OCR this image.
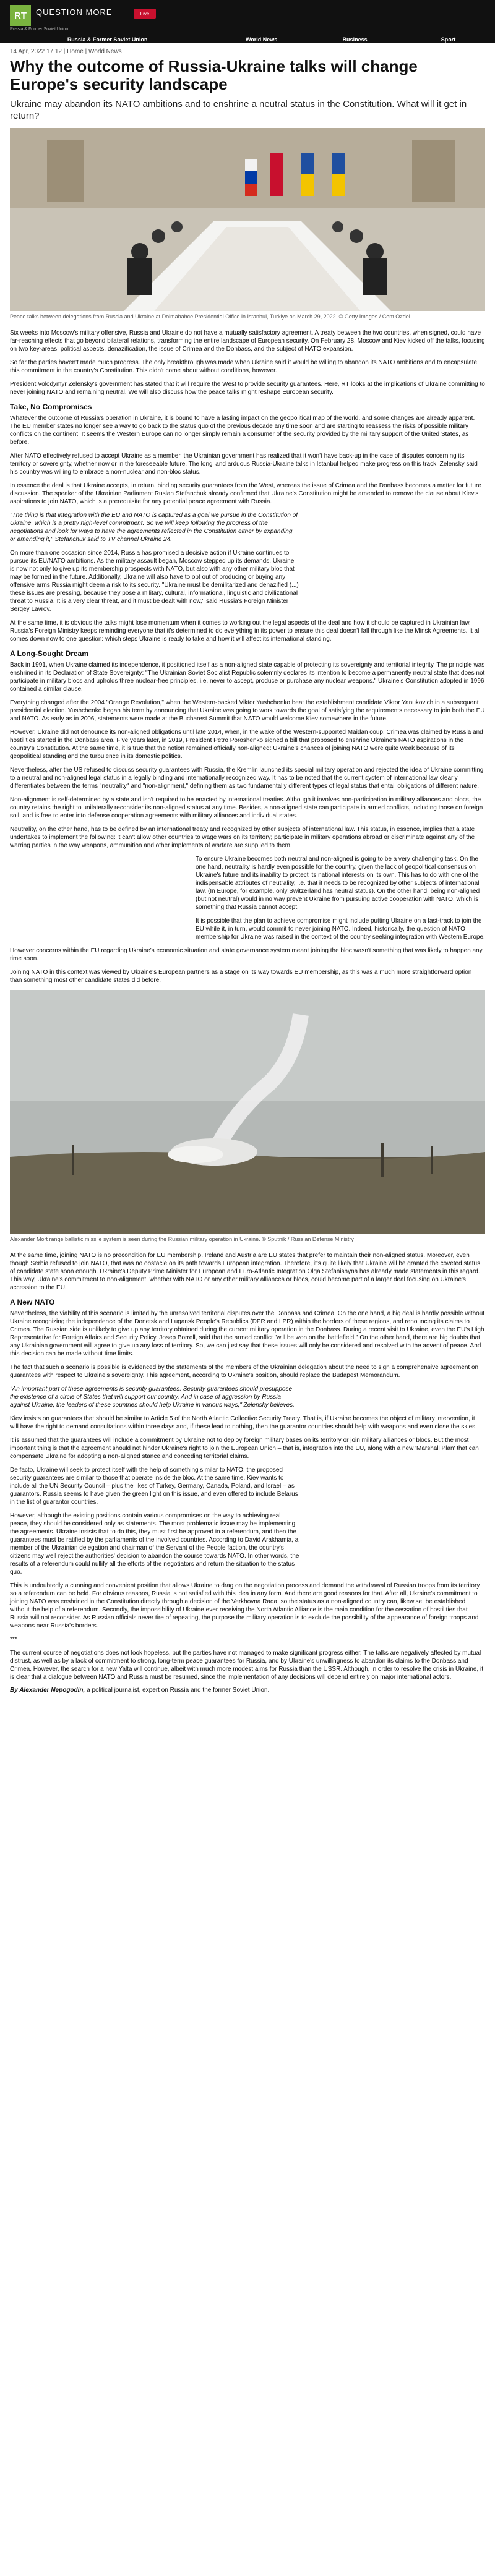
RT	QUESTION MORE	Live
Russia & Former Soviet Union
Russia & Former Soviet Union	World News	Business	Sport
14 Apr, 2022 17:12 | Home | World News
Why the outcome of Russia-Ukraine talks will change Europe's security landscape
Ukraine may abandon its NATO ambitions and to enshrine a neutral status in the Constitution. What will it get in return?
Peace talks between delegations from Russia and Ukraine at Dolmabahce Presidential Office in Istanbul, Turkiye on March 29, 2022. © Getty Images / Cem Ozdel

Six weeks into Moscow's military offensive, Russia and Ukraine do not have a mutually satisfactory agreement. A treaty between the two countries, when signed, could have far-reaching effects that go beyond bilateral relations, transforming the entire landscape of European security. On February 28, Moscow and Kiev kicked off the talks, focusing on two key-areas: political aspects, denazification, the issue of Crimea and the Donbass, and the subject of NATO expansion.

So far the parties haven't made much progress. The only breakthrough was made when Ukraine said it would be willing to abandon its NATO ambitions and to encapsulate this commitment in the country's Constitution. This didn't come about without conditions, however.

President Volodymyr Zelensky's government has stated that it will require the West to provide security guarantees. Here, RT looks at the implications of Ukraine committing to never joining NATO and remaining neutral. We will also discuss how the peace talks might reshape European security.

Take, No Compromises

Whatever the outcome of Russia's operation in Ukraine, it is bound to have a lasting impact on the geopolitical map of the world, and some changes are already apparent. The EU member states no longer see a way to go back to the status quo of the previous decade any time soon and are starting to reassess the risks of possible military conflicts on the continent. It seems the Western Europe can no longer simply remain a consumer of the security provided by the military support of the United States, as before.

After NATO effectively refused to accept Ukraine as a member, the Ukrainian government has realized that it won't have back-up in the case of disputes concerning its territory or sovereignty, whether now or in the foreseeable future. The long' and arduous Russia-Ukraine talks in Istanbul helped make progress on this track: Zelensky said his country was willing to embrace a non-nuclear and non-bloc status.

In essence the deal is that Ukraine accepts, in return, binding security guarantees from the West, whereas the issue of Crimea and the Donbass becomes a matter for future discussion. The speaker of the Ukrainian Parliament Ruslan Stefanchuk already confirmed that Ukraine's Constitution might be amended to remove the clause about Kiev's aspirations to join NATO, which is a prerequisite for any potential peace agreement with Russia.

"The thing is that integration with the EU and NATO is captured as a goal we pursue in the Constitution of Ukraine, which is a pretty high-level commitment. So we will keep following the progress of the negotiations and look for ways to have the agreements reflected in the Constitution either by expanding or amending it," Stefanchuk said to TV channel Ukraine 24.

On more than one occasion since 2014, Russia has promised a decisive action if Ukraine continues to pursue its EU/NATO ambitions. As the military assault began, Moscow stepped up its demands. Ukraine is now not only to give up its membership prospects with NATO, but also with any other military bloc that may be formed in the future. Additionally, Ukraine will also have to opt out of producing or buying any offensive arms Russia might deem a risk to its security. "Ukraine must be demilitarized and denazified (...) these issues are pressing, because they pose a military, cultural, informational, linguistic and civilizational threat to Russia. It is a very clear threat, and it must be dealt with now," said Russia's Foreign Minister Sergey Lavrov.

At the same time, it is obvious the talks might lose momentum when it comes to working out the legal aspects of the deal and how it should be captured in Ukrainian law. Russia's Foreign Ministry keeps reminding everyone that it's determined to do everything in its power to ensure this deal doesn't fall through like the Minsk Agreements. It all comes down now to one question: which steps Ukraine is ready to take and how it will affect its international standing.

A Long-Sought Dream

Back in 1991, when Ukraine claimed its independence, it positioned itself as a non-aligned state capable of protecting its sovereignty and territorial integrity. The principle was enshrined in its Declaration of State Sovereignty: "The Ukrainian Soviet Socialist Republic solemnly declares its intention to become a permanently neutral state that does not participate in military blocs and upholds three nuclear-free principles, i.e. never to accept, produce or purchase any nuclear weapons." Ukraine's Constitution adopted in 1996 contained a similar clause.

Everything changed after the 2004 "Orange Revolution," when the Western-backed Viktor Yushchenko beat the establishment candidate Viktor Yanukovich in a subsequent presidential election. Yushchenko began his term by announcing that Ukraine was going to work towards the goal of satisfying the requirements necessary to join both the EU and NATO. As early as in 2006, statements were made at the Bucharest Summit that NATO would welcome Kiev somewhere in the future.

However, Ukraine did not denounce its non-aligned obligations until late 2014, when, in the wake of the Western-supported Maidan coup, Crimea was claimed by Russia and hostilities started in the Donbass area. Five years later, in 2019, President Petro Poroshenko signed a bill that proposed to enshrine Ukraine's NATO aspirations in the country's Constitution. At the same time, it is true that the notion remained officially non-aligned: Ukraine's chances of joining NATO were quite weak because of its geopolitical standing and the turbulence in its domestic politics.

Nevertheless, after the US refused to discuss security guarantees with Russia, the Kremlin launched its special military operation and rejected the idea of Ukraine committing to a neutral and non-aligned legal status in a legally binding and internationally recognized way. It has to be noted that the current system of international law clearly differentiates between the terms "neutrality" and "non-alignment," defining them as two fundamentally different types of legal status that entail obligations of different nature.

Non-alignment is self-determined by a state and isn't required to be enacted by international treaties. Although it involves non-participation in military alliances and blocs, the country retains the right to unilaterally reconsider its non-aligned status at any time. Besides, a non-aligned state can participate in armed conflicts, including those on foreign soil, and is free to enter into defense cooperation agreements with military alliances and individual states.

Neutrality, on the other hand, has to be defined by an international treaty and recognized by other subjects of international law. This status, in essence, implies that a state undertakes to implement the following: it can't allow other countries to wage wars on its territory; participate in military operations abroad or discriminate against any of the warring parties in the way weapons, ammunition and other implements of warfare are supplied to them.

To ensure Ukraine becomes both neutral and non-aligned is going to be a very challenging task. On the one hand, neutrality is hardly even possible for the country, given the lack of geopolitical consensus on Ukraine's future and its inability to protect its national interests on its own. This has to do with one of the indispensable attributes of neutrality, i.e. that it needs to be recognized by other subjects of international law. (In Europe, for example, only Switzerland has neutral status). On the other hand, being non-aligned (but not neutral) would in no way prevent Ukraine from pursuing active cooperation with NATO, which is something that Russia cannot accept.

It is possible that the plan to achieve compromise might include putting Ukraine on a fast-track to join the EU while it, in turn, would commit to never joining NATO. Indeed, historically, the question of NATO membership for Ukraine was raised in the context of the country seeking integration with Western Europe.

However concerns within the EU regarding Ukraine's economic situation and state governance system meant joining the bloc wasn't something that was likely to happen any time soon.

Joining NATO in this context was viewed by Ukraine's European partners as a stage on its way towards EU membership, as this was a much more straightforward option than something most other candidate states did before.

Alexander Mort range ballistic missile system is seen during the Russian military operation in Ukraine. © Sputnik / Russian Defense Ministry

At the same time, joining NATO is no precondition for EU membership. Ireland and Austria are EU states that prefer to maintain their non-aligned status. Moreover, even though Serbia refused to join NATO, that was no obstacle on its path towards European integration. Therefore, it's quite likely that Ukraine will be granted the coveted status of candidate state soon enough. Ukraine's Deputy Prime Minister for European and Euro-Atlantic Integration Olga Stefanishyna has already made statements in this regard. This way, Ukraine's commitment to non-alignment, whether with NATO or any other military alliances or blocs, could become part of a larger deal focusing on Ukraine's accession to the EU.

A New NATO

Nevertheless, the viability of this scenario is limited by the unresolved territorial disputes over the Donbass and Crimea. On the one hand, a big deal is hardly possible without Ukraine recognizing the independence of the Donetsk and Lugansk People's Republics (DPR and LPR) within the borders of these regions, and renouncing its claims to Crimea. The Russian side is unlikely to give up any territory obtained during the current military operation in the Donbass. During a recent visit to Ukraine, even the EU's High Representative for Foreign Affairs and Security Policy, Josep Borrell, said that the armed conflict "will be won on the battlefield." On the other hand, there are big doubts that any Ukrainian government will agree to give up any loss of territory. So, we can just say that these issues will only be considered and resolved with the advent of peace. And this decision can be made without time limits.

The fact that such a scenario is possible is evidenced by the statements of the members of the Ukrainian delegation about the need to sign a comprehensive agreement on guarantees with respect to Ukraine's sovereignty. This agreement, according to Ukraine's position, should replace the Budapest Memorandum.

"An important part of these agreements is security guarantees. Security guarantees should presuppose the existence of a circle of States that will support our country. And in case of aggression by Russia against Ukraine, the leaders of these countries should help Ukraine in various ways," Zelensky believes.

Kiev insists on guarantees that should be similar to Article 5 of the North Atlantic Collective Security Treaty. That is, if Ukraine becomes the object of military intervention, it will have the right to demand consultations within three days and, if these lead to nothing, then the guarantor countries should help with weapons and even close the skies.

It is assumed that the guarantees will include a commitment by Ukraine not to deploy foreign military bases on its territory or join military alliances or blocs. But the most important thing is that the agreement should not hinder Ukraine's right to join the European Union – that is, integration into the EU, along with a new 'Marshall Plan' that can compensate Ukraine for adopting a non-aligned stance and conceding territorial claims.

De facto, Ukraine will seek to protect itself with the help of something similar to NATO: the proposed security guarantees are similar to those that operate inside the bloc. At the same time, Kiev wants to include all the UN Security Council – plus the likes of Turkey, Germany, Canada, Poland, and Israel – as guarantors. Russia seems to have given the green light on this issue, and even offered to include Belarus in the list of guarantor countries.

However, although the existing positions contain various compromises on the way to achieving real peace, they should be considered only as statements. The most problematic issue may be implementing the agreements. Ukraine insists that to do this, they must first be approved in a referendum, and then the guarantees must be ratified by the parliaments of the involved countries. According to David Arakhamia, a member of the Ukrainian delegation and chairman of the Servant of the People faction, the country's citizens may well reject the authorities' decision to abandon the course towards NATO. In other words, the results of a referendum could nullify all the efforts of the negotiators and return the situation to the status quo.

This is undoubtedly a cunning and convenient position that allows Ukraine to drag on the negotiation process and demand the withdrawal of Russian troops from its territory so a referendum can be held. For obvious reasons, Russia is not satisfied with this idea in any form. And there are good reasons for that. After all, Ukraine's commitment to joining NATO was enshrined in the Constitution directly through a decision of the Verkhovna Rada, so the status as a non-aligned country can, likewise, be established without the help of a referendum. Secondly, the impossibility of Ukraine ever receiving the North Atlantic Alliance is the main condition for the cessation of hostilities that Russia will not reconsider. As Russian officials never tire of repeating, the purpose the military operation is to exclude the possibility of the appearance of foreign troops and weapons near Russia's borders.

***

The current course of negotiations does not look hopeless, but the parties have not managed to make significant progress either. The talks are negatively affected by mutual distrust, as well as by a lack of commitment to strong, long-term peace guarantees for Russia, and by Ukraine's unwillingness to abandon its claims to the Donbass and Crimea. However, the search for a new Yalta will continue, albeit with much more modest aims for Russia than the USSR. Although, in order to resolve the crisis in Ukraine, it is clear that a dialogue between NATO and Russia must be resumed, since the implementation of any decisions will depend entirely on major international actors.

By Alexander Nepogodin, a political journalist, expert on Russia and the former Soviet Union.
